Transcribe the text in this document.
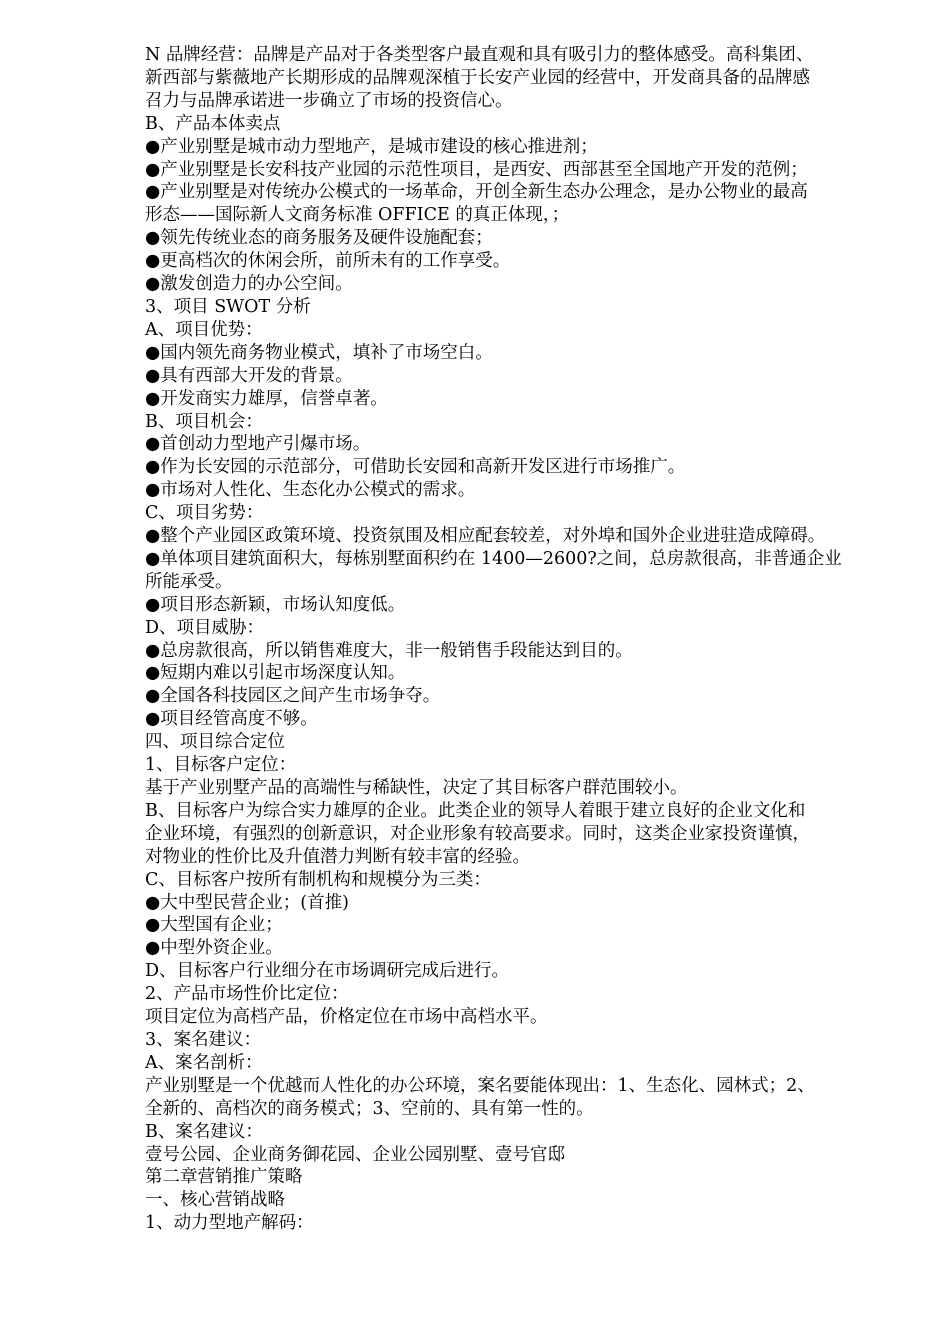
N 品牌经营：品牌是产品对于各类型客户最直观和具有吸引力的整体感受。高科集团、
新西部与紫薇地产长期形成的品牌观深植于长安产业园的经营中，开发商具备的品牌感
召力与品牌承诺进一步确立了市场的投资信心。
B、产品本体卖点
●产业别墅是城市动力型地产，是城市建设的核心推进剂；
●产业别墅是长安科技产业园的示范性项目，是西安、西部甚至全国地产开发的范例；
●产业别墅是对传统办公模式的一场革命，开创全新生态办公理念，是办公物业的最高
形态——国际新人文商务标准 OFFICE 的真正体现，；
●领先传统业态的商务服务及硬件设施配套；
●更高档次的休闲会所，前所未有的工作享受。
●激发创造力的办公空间。
3、项目 SWOT 分析
A、项目优势：
●国内领先商务物业模式，填补了市场空白。
●具有西部大开发的背景。
●开发商实力雄厚，信誉卓著。
B、项目机会：
●首创动力型地产引爆市场。
●作为长安园的示范部分，可借助长安园和高新开发区进行市场推广。
●市场对人性化、生态化办公模式的需求。
C、项目劣势：
●整个产业园区政策环境、投资氛围及相应配套较差，对外埠和国外企业进驻造成障碍。
●单体项目建筑面积大，每栋别墅面积约在 1400—2600?之间，总房款很高，非普通企业
所能承受。
●项目形态新颖，市场认知度低。
D、项目威胁：
●总房款很高，所以销售难度大，非一般销售手段能达到目的。
●短期内难以引起市场深度认知。
●全国各科技园区之间产生市场争夺。
●项目经管高度不够。
四、项目综合定位
1、目标客户定位：
基于产业别墅产品的高端性与稀缺性，决定了其目标客户群范围较小。
B、目标客户为综合实力雄厚的企业。此类企业的领导人着眼于建立良好的企业文化和
企业环境，有强烈的创新意识，对企业形象有较高要求。同时，这类企业家投资谨慎，
对物业的性价比及升值潜力判断有较丰富的经验。
C、目标客户按所有制机构和规模分为三类：
●大中型民营企业；(首推)
●大型国有企业；
●中型外资企业。
D、目标客户行业细分在市场调研完成后进行。
2、产品市场性价比定位：
项目定位为高档产品，价格定位在市场中高档水平。
3、案名建议：
A、案名剖析：
产业别墅是一个优越而人性化的办公环境，案名要能体现出：1、生态化、园林式；2、
全新的、高档次的商务模式；3、空前的、具有第一性的。
B、案名建议：
壹号公园、企业商务御花园、企业公园别墅、壹号官邸
第二章营销推广策略
一、核心营销战略
1、动力型地产解码：
